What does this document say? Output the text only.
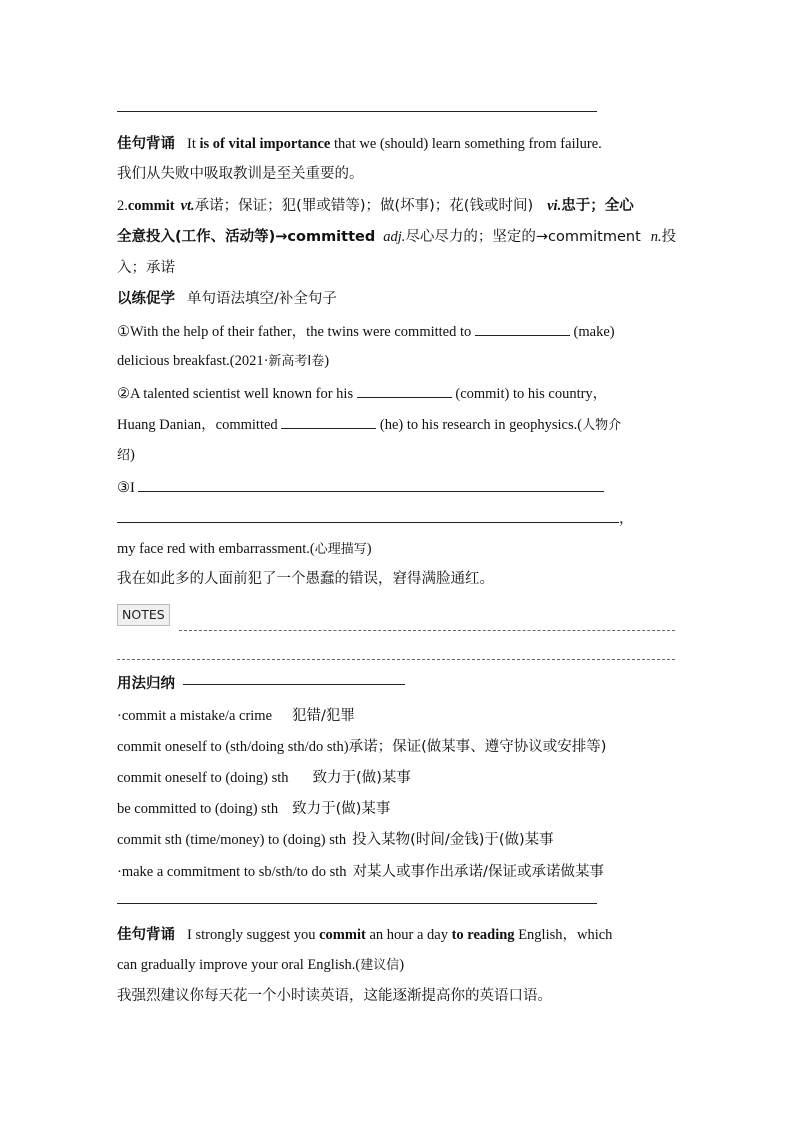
佳句背诵 It is of vital importance that we (should) learn something from failure.
我们从失败中吸取教训是至关重要的。
2.commit vt.承诺；保证；犯(罪或错等)；做(坏事)；花(钱或时间) vi.忠于；全心
全意投入(工作、活动等)→committed adj.尽心尽力的；坚定的→commitment n.投
入；承诺
以练促学 单句语法填空/补全句子
①With the help of their father，the twins were committed to	(make)
delicious breakfast.(2021·新高考Ⅰ卷)
②A talented scientist well known for his	(commit) to his country，
Huang Danian，committed	(he) to his research in geophysics.(人物介
绍)
③I
，
my face red with embarrassment.(心理描写)
我在如此多的人面前犯了一个愚蠢的错误，窘得满脸通红。
NOTES
用法归纳
·commit a mistake/a crime 犯错/犯罪
commit oneself to (sth/doing sth/do sth)承诺；保证(做某事、遵守协议或安排等)
commit oneself to (doing) sth 致力于(做)某事
be committed to (doing) sth 致力于(做)某事
commit sth (time/money) to (doing) sth 投入某物(时间/金钱)于(做)某事
·make a commitment to sb/sth/to do sth 对某人或事作出承诺/保证或承诺做某事
佳句背诵 I strongly suggest you commit an hour a day to reading English，which
can gradually improve your oral English.(建议信)
我强烈建议你每天花一个小时读英语，这能逐渐提高你的英语口语。
